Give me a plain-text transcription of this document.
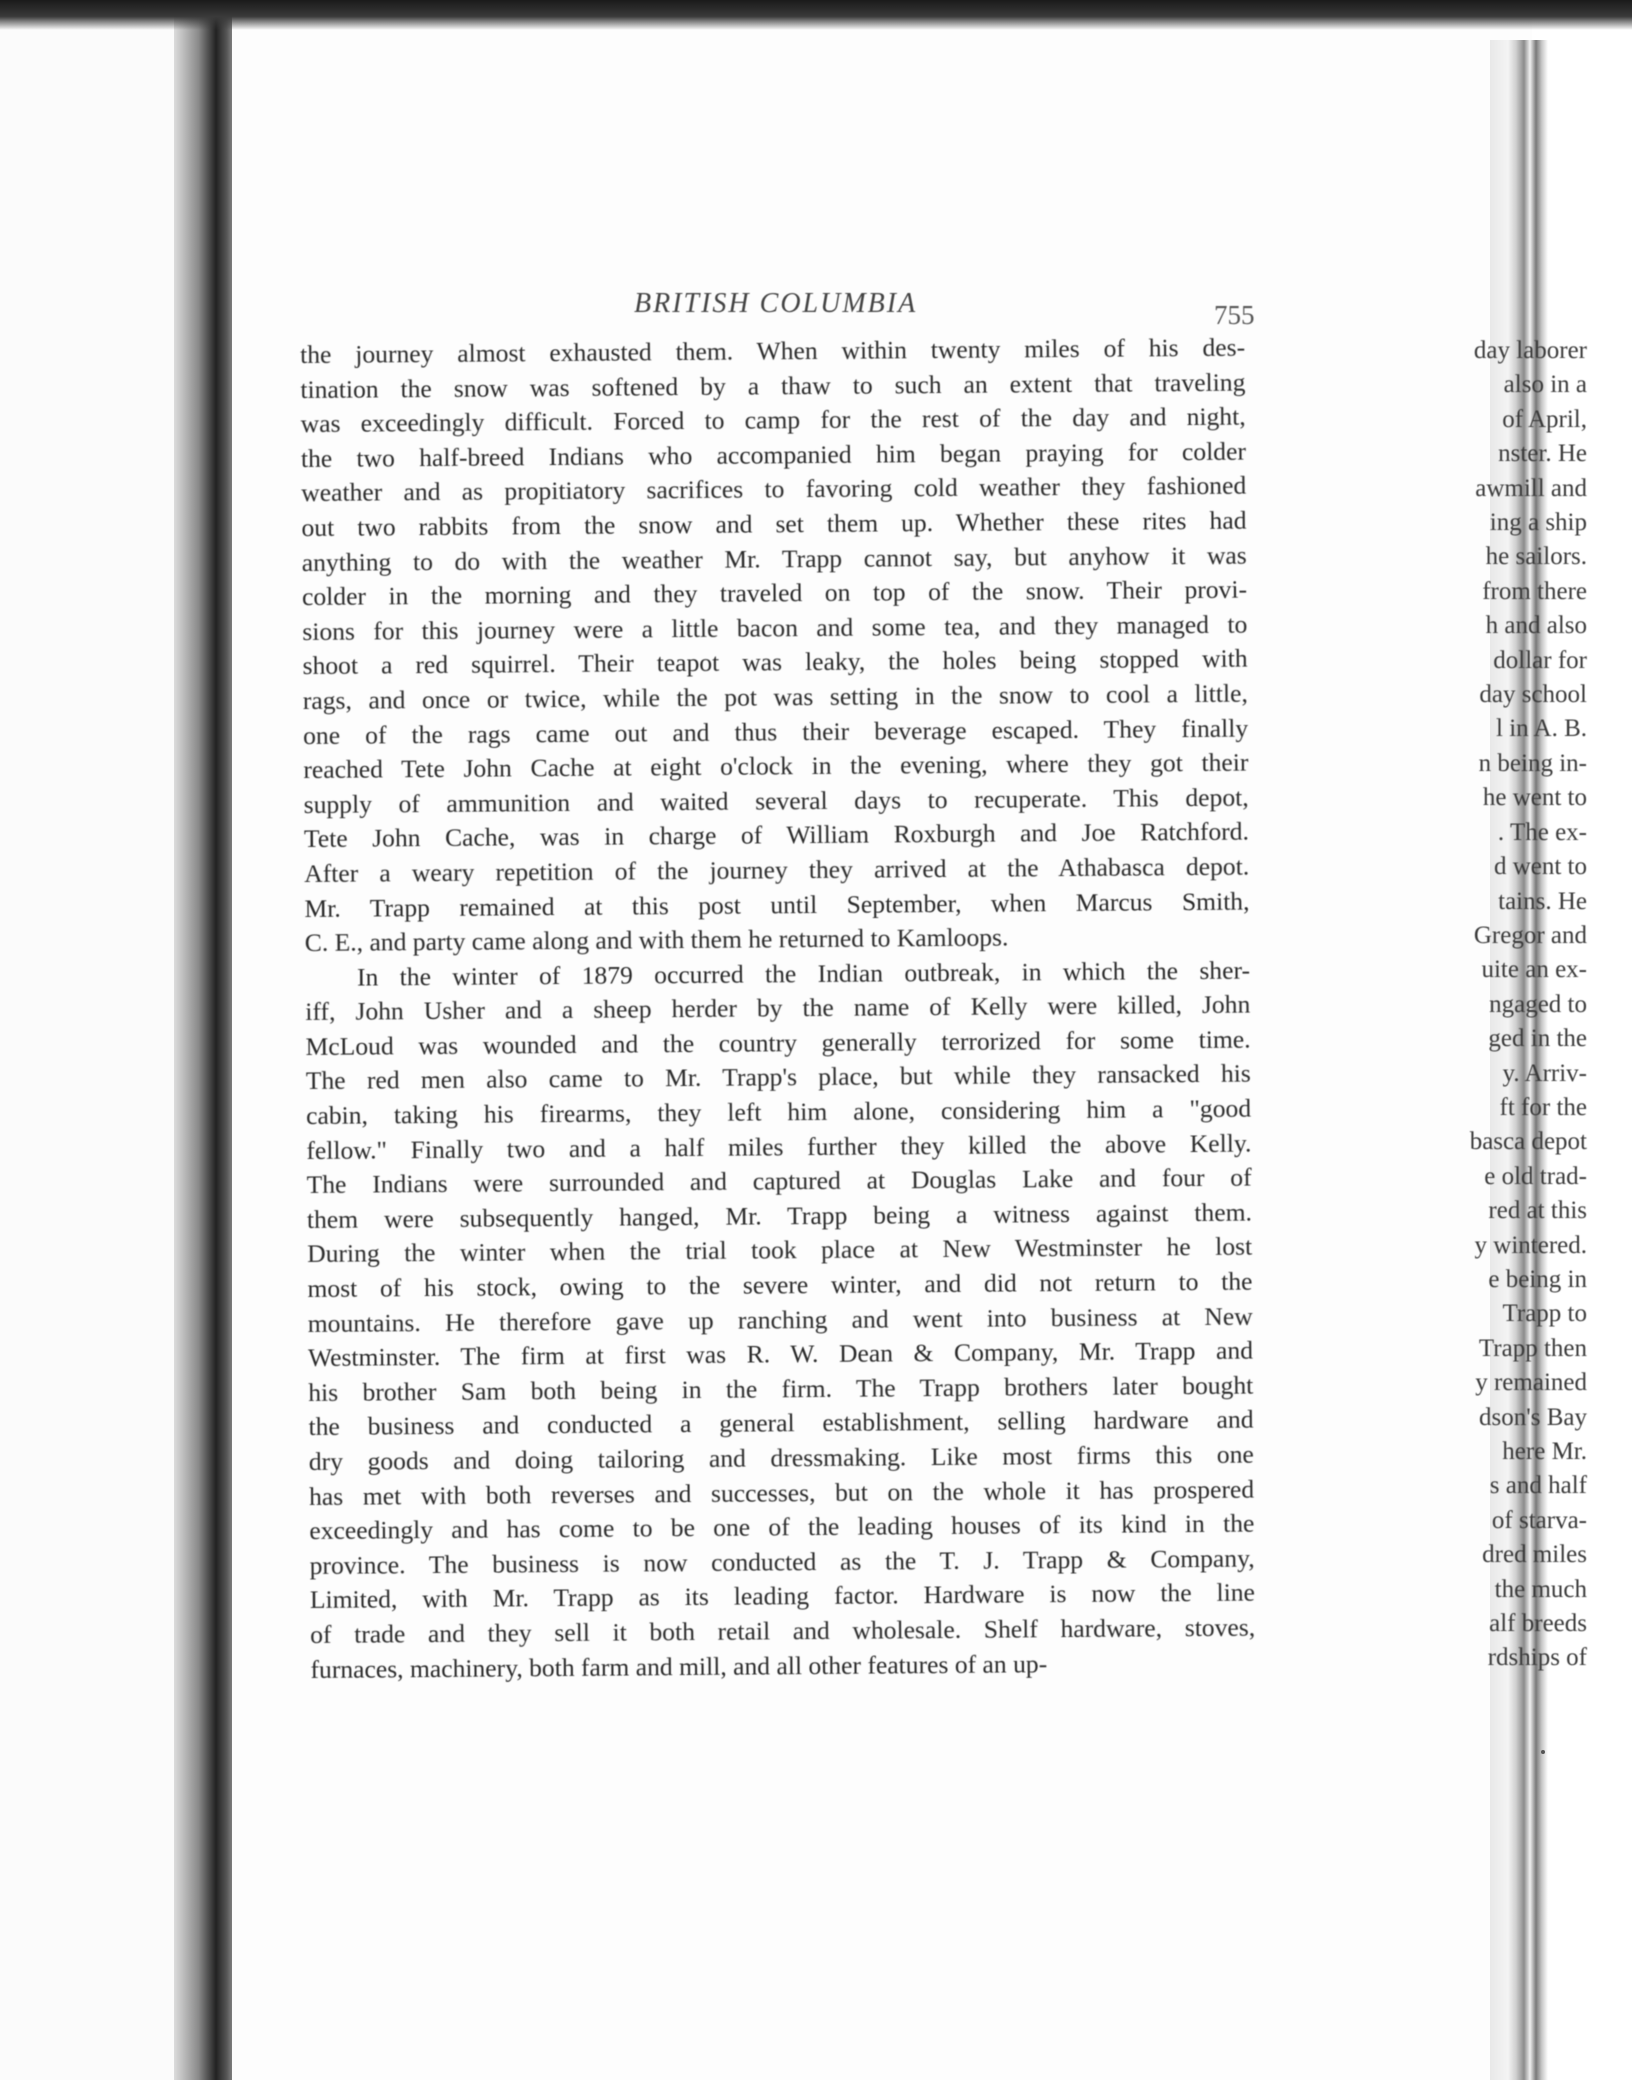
day laborer
also in a
of April,
nster. He
awmill and
ing a ship
he sailors.
from there
h and also
dollar for
day school
l in A. B.
n being in-
he went to
. The ex-
d went to
tains. He
Gregor and
uite an ex-
ngaged to
ged in the
y. Arriv-
ft for the
basca depot
e old trad-
red at this
y wintered.
e being in
Trapp to
Trapp then
y remained
dson's Bay
here Mr.
s and half
of starva-
dred miles
the much
alf breeds
rdships of
BRITISH COLUMBIA	755
the journey almost exhausted them. When within twenty miles of his des-
tination the snow was softened by a thaw to such an extent that traveling
was exceedingly difficult. Forced to camp for the rest of the day and night,
the two half-breed Indians who accompanied him began praying for colder
weather and as propitiatory sacrifices to favoring cold weather they fashioned
out two rabbits from the snow and set them up. Whether these rites had
anything to do with the weather Mr. Trapp cannot say, but anyhow it was
colder in the morning and they traveled on top of the snow. Their provi-
sions for this journey were a little bacon and some tea, and they managed to
shoot a red squirrel. Their teapot was leaky, the holes being stopped with
rags, and once or twice, while the pot was setting in the snow to cool a little,
one of the rags came out and thus their beverage escaped. They finally
reached Tete John Cache at eight o'clock in the evening, where they got their
supply of ammunition and waited several days to recuperate. This depot,
Tete John Cache, was in charge of William Roxburgh and Joe Ratchford.
After a weary repetition of the journey they arrived at the Athabasca depot.
Mr. Trapp remained at this post until September, when Marcus Smith,
C. E., and party came along and with them he returned to Kamloops.
In the winter of 1879 occurred the Indian outbreak, in which the sher-
iff, John Usher and a sheep herder by the name of Kelly were killed, John
McLoud was wounded and the country generally terrorized for some time.
The red men also came to Mr. Trapp's place, but while they ransacked his
cabin, taking his firearms, they left him alone, considering him a "good
fellow." Finally two and a half miles further they killed the above Kelly.
The Indians were surrounded and captured at Douglas Lake and four of
them were subsequently hanged, Mr. Trapp being a witness against them.
During the winter when the trial took place at New Westminster he lost
most of his stock, owing to the severe winter, and did not return to the
mountains. He therefore gave up ranching and went into business at New
Westminster. The firm at first was R. W. Dean & Company, Mr. Trapp and
his brother Sam both being in the firm. The Trapp brothers later bought
the business and conducted a general establishment, selling hardware and
dry goods and doing tailoring and dressmaking. Like most firms this one
has met with both reverses and successes, but on the whole it has prospered
exceedingly and has come to be one of the leading houses of its kind in the
province. The business is now conducted as the T. J. Trapp & Company,
Limited, with Mr. Trapp as its leading factor. Hardware is now the line
of trade and they sell it both retail and wholesale. Shelf hardware, stoves,
furnaces, machinery, both farm and mill, and all other features of an up-
